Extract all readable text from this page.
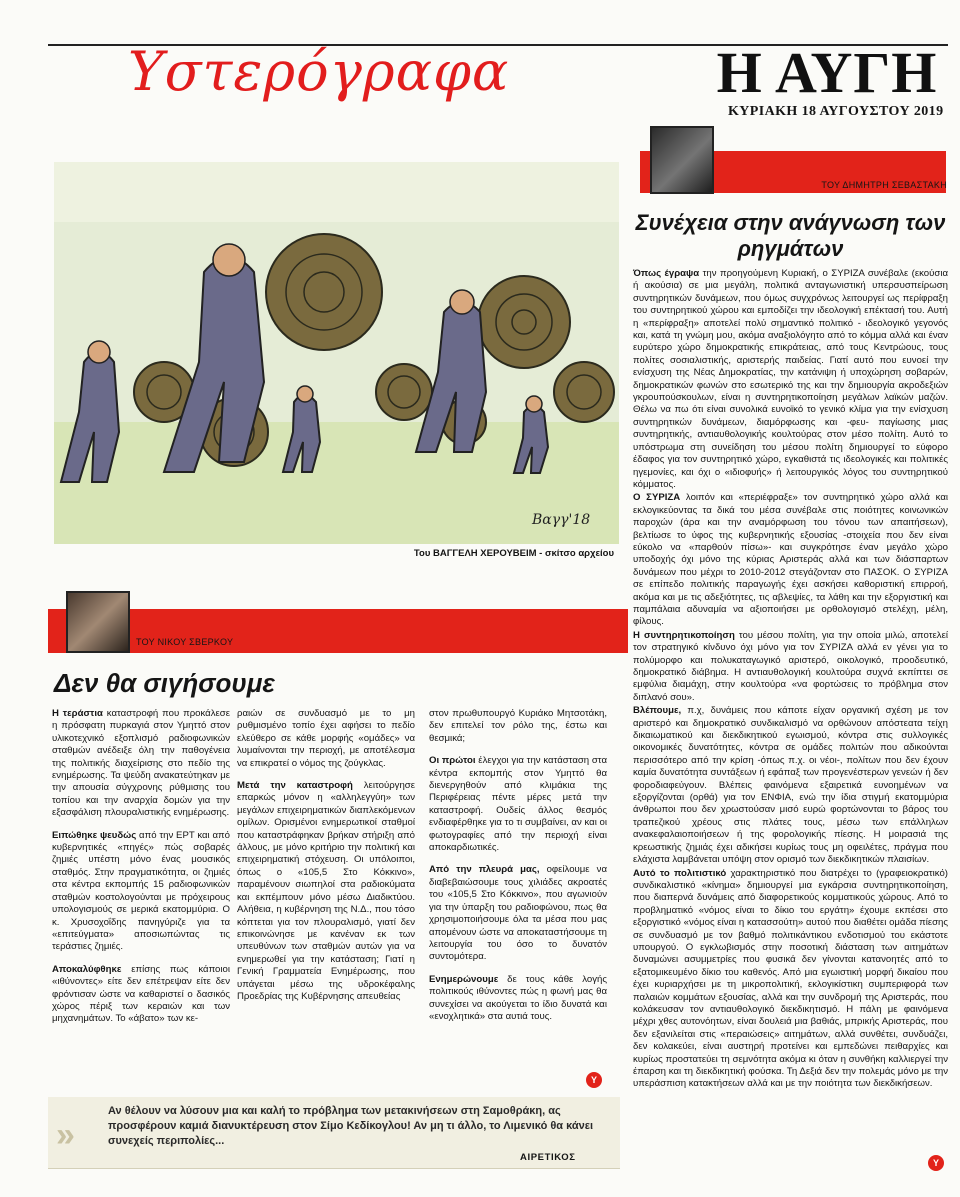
Υστερόγραφα	Η ΑΥΓΗ
ΚΥΡΙΑΚΗ 18 ΑΥΓΟΥΣΤΟΥ 2019
Βαγγ'18
Του ΒΑΓΓΕΛΗ ΧΕΡΟΥΒΕΙΜ - σκίτσο αρχείου
ΤΟΥ ΔΗΜΗΤΡΗ ΣΕΒΑΣΤΑΚΗ
Συνέχεια στην ανάγνωση των ρηγμάτων

Όπως έγραψα την προηγούμενη Κυριακή, ο ΣΥΡΙΖΑ συνέβαλε (εκούσια ή ακούσια) σε μια μεγάλη, πολιτικά ανταγωνιστική υπερσυσπείρωση συντηρητικών δυνάμεων, που όμως συγχρόνως λειτουργεί ως περίφραξη του συντηρητικού χώρου και εμποδίζει την ιδεολογική επέκτασή του. Αυτή η «περίφραξη» αποτελεί πολύ σημαντικό πολιτικό - ιδεολογικό γεγονός και, κατά τη γνώμη μου, ακόμα αναξιολόγητο από το κόμμα αλλά και έναν ευρύτερο χώρο δημοκρατικής επικράτειας, από τους Κεντρώους, τους πολίτες σοσιαλιστικής, αριστερής παιδείας. Γιατί αυτό που ευνοεί την ενίσχυση της Νέας Δημοκρατίας, την κατάνιψη ή υποχώρηση σοβαρών, δημοκρατικών φωνών στο εσωτερικό της και την δημιουργία ακροδεξιών γκρουπούσκουλων, είναι η συντηρητικοποίηση μεγάλων λαϊκών μαζών. Θέλω να πω ότι είναι συνολικά ευνοϊκό το γενικό κλίμα για την ενίσχυση συντηρητικών δυνάμεων, διαμόρφωσης και -φευ- παγίωσης μιας συντηρητικής, αντιαυθολογικής κουλτούρας στον μέσο πολίτη. Αυτό το υπόστρωμα στη συνείδηση του μέσου πολίτη δημιουργεί το εύφορο έδαφος για τον συντηρητικό χώρο, εγκαθιστά τις ιδεολογικές και πολιτικές ηγεμονίες, και όχι ο «ιδιοφυής» ή λειτουργικός λόγος του συντηρητικού κόμματος.

Ο ΣΥΡΙΖΑ λοιπόν και «περιέφραξε» τον συντηρητικό χώρο αλλά και εκλογικεύοντας τα δικά του μέσα συνέβαλε στις ποιότητες κοινωνικών παροχών (άρα και την αναμόρφωση του τόνου των απαιτήσεων), βελτίωσε το ύφος της κυβερνητικής εξουσίας -στοιχεία που δεν είναι εύκολο να «παρθούν πίσω»- και συγκρότησε έναν μεγάλο χώρο υποδοχής όχι μόνο της κύριας Αριστεράς αλλά και των διάσπαρτων δυνάμεων που μέχρι το 2010-2012 στεγάζονταν στο ΠΑΣΟΚ. Ο ΣΥΡΙΖΑ σε επίπεδο πολιτικής παραγωγής έχει ασκήσει καθοριστική επιρροή, ακόμα και με τις αδεξιότητες, τις αβλεψίες, τα λάθη και την εξοργιστική και παμπάλαια αδυναμία να αξιοποιήσει με ορθολογισμό στελέχη, μέλη, φίλους.

Η συντηρητικοποίηση του μέσου πολίτη, για την οποία μιλώ, αποτελεί τον στρατηγικό κίνδυνο όχι μόνο για τον ΣΥΡΙΖΑ αλλά εν γένει για το πολύμορφο και πολυκαταγωγικό αριστερό, οικολογικό, προοδευτικό, δημοκρατικό διάβημα. Η αντιαυθολογική κουλτούρα συχνά εκπίπτει σε εμφύλια διαμάχη, στην κουλτούρα «να φορτώσεις το πρόβλημα στον διπλανό σου».

Βλέπουμε, π.χ, δυνάμεις που κάποτε είχαν οργανική σχέση με τον αριστερό και δημοκρατικό συνδικαλισμό να ορθώνουν απόστεατα τείχη δικαιωματικού και διεκδικητικού εγωισμού, κόντρα στις συλλογικές οικονομικές δυνατότητες, κόντρα σε ομάδες πολιτών που αδικούνται περισσότερο από την κρίση -όπως π.χ. οι νέοι-, πολίτων που δεν έχουν καμία δυνατότητα συντάξεων ή εφάπαξ των προγενέστερων γενεών ή δεν φοροδιαφεύγουν. Βλέπεις φαινόμενα εξαιρετικά ευνοημένων να εξοργίζονται (ορθά) για τον ΕΝΦΙΑ, ενώ την ίδια στιγμή εκατομμύρια άνθρωποι που δεν χρωστούσαν μισό ευρώ φορτώνονται το βάρος του τραπεζικού χρέους στις πλάτες τους, μέσω των επάλληλων ανακεφαλαιοποιήσεων ή της φορολογικής πίεσης. Η μοιρασιά της κρεωστικής ζημιάς έχει αδικήσει κυρίως τους μη οφειλέτες, πράγμα που ελάχιστα λαμβάνεται υπόψη στον ορισμό των διεκδικητικών πλαισίων.

Αυτό το πολιτιστικό χαρακτηριστικό που διατρέχει το (γραφειοκρατικό) συνδικαλιστικό «κίνημα» δημιουργεί μια εγκάρσια συντηρητικοποίηση, που διαπερνά δυνάμεις από διαφορετικούς κομματικούς χώρους. Από το προβληματικό «νόμος είναι το δίκιο του εργάτη» έχουμε εκπέσει στο εξοργιστικό «νόμος είναι η κατασσούτη» αυτού που διαθέτει ομάδα πίεσης σε συνδυασμό με τον βαθμό πολιτικάντικου ενδοτισμού του εκάστοτε υπουργού. Ο εγκλωβισμός στην ποσοτική διάσταση των αιτημάτων δυναμώνει ασυμμετρίες που φυσικά δεν γίνονται κατανοητές από το εξατομικευμένο δίκιο του καθενός. Από μια εγωιστική μορφή δικαίου που έχει κυριαρχήσει με τη μικροπολιτική, εκλογικίστικη συμπεριφορά των παλαιών κομμάτων εξουσίας, αλλά και την συνδρομή της Αριστεράς, που κολάκευσαν τον αντιαυθολογικό διεκδικητισμό. Η πάλη με φαινόμενα μέχρι χθες αυτονόητων, είναι δουλειά μια βαθιάς, μπρικής Αριστεράς, που δεν εξανιλείται στις «περαιώσεις» αιτημάτων, αλλά συνθέτει, συνδυάζει, δεν κολακεύει, είναι αυστηρή προτείνει και εμπεδώνει πειθαρχίες και κυρίως προστατεύει τη σεμνότητα ακόμα κι όταν η συνθήκη καλλιεργεί την έπαρση και τη διεκδικητική φούσκα. Τη Δεξιά δεν την πολεμάς μόνο με την υπεράσπιση κατακτήσεων αλλά και με την ποιότητα των διεκδικήσεων.

Y
ΤΟΥ ΝΙΚΟΥ ΣΒΕΡΚΟΥ
Δεν θα σιγήσουμε

Η τεράστια καταστροφή που προκάλεσε η πρόσφατη πυρκαγιά στον Υμηττό στον υλικοτεχνικό εξοπλισμό ραδιοφωνικών σταθμών ανέδειξε όλη την παθογένεια της πολιτικής διαχείρισης στο πεδίο της ενημέρωσης. Τα ψεύδη ανακατεύτηκαν με την απουσία σύγχρονης ρύθμισης του τοπίου και την αναρχία δομών για την εξασφάλιση πλουραλιστικής ενημέρωσης.

Ειπώθηκε ψευδώς από την ΕΡΤ και από κυβερνητικές «πηγές» πώς σοβαρές ζημιές υπέστη μόνο ένας μουσικός σταθμός. Στην πραγματικότητα, οι ζημιές στα κέντρα εκπομπής 15 ραδιοφωνικών σταθμών κοστολογούνται με πρόχειρους υπολογισμούς σε μερικά εκατομμύρια. Ο κ. Χρυσοχοΐδης πανηγύριζε για τα «επιτεύγματα» αποσιωπώντας τις τεράστιες ζημιές.

Αποκαλύφθηκε επίσης πως κάποιοι «ιθύνοντες» είτε δεν επέτρεψαν είτε δεν φρόντισαν ώστε να καθαριστεί ο δασικός χώρος πέριξ των κεραιών και των μηχανημάτων. Το «άβατο» των κε-

ραιών σε συνδυασμό με το μη ρυθμισμένο τοπίο έχει αφήσει το πεδίο ελεύθερο σε κάθε μορφής «ομάδες» να λυμαίνονται την περιοχή, με αποτέλεσμα να επικρατεί ο νόμος της ζούγκλας.

Μετά την καταστροφή λειτούργησε επαρκώς μόνον η «αλληλεγγύη» των μεγάλων επιχειρηματικών διαπλεκόμενων ομίλων. Ορισμένοι ενημερωτικοί σταθμοί που καταστράφηκαν βρήκαν στήριξη από άλλους, με μόνο κριτήριο την πολιτική και επιχειρηματική στόχευση. Οι υπόλοιποι, όπως ο «105,5 Στο Κόκκινο», παραμένουν σιωπηλοί στα ραδιοκύματα και εκπέμπουν μόνο μέσω Διαδικτύου. Αλήθεια, η κυβέρνηση της Ν.Δ., που τόσο κόπτεται για τον πλουραλισμό, γιατί δεν επικοινώνησε με κανέναν εκ των υπευθύνων των σταθμών αυτών για να ενημερωθεί για την κατάσταση; Γιατί η Γενική Γραμματεία Ενημέρωσης, που υπάγεται μέσω της υδροκέφαλης Προεδρίας της Κυβέρνησης απευθείας

στον πρωθυπουργό Κυριάκο Μητσοτάκη, δεν επιτελεί τον ρόλο της, έστω και θεσμικά;

Οι πρώτοι έλεγχοι για την κατάσταση στα κέντρα εκπομπής στον Υμηττό θα διενεργηθούν από κλιμάκια της Περιφέρειας πέντε μέρες μετά την καταστροφή. Ουδείς άλλος θεσμός ενδιαφέρθηκε για το τι συμβαίνει, αν και οι φωτογραφίες από την περιοχή είναι αποκαρδιωτικές.

Από την πλευρά μας, οφείλουμε να διαβεβαιώσουμε τους χιλιάδες ακροατές του «105,5 Στο Κόκκινο», που αγωνιούν για την ύπαρξη του ραδιοφώνου, πως θα χρησιμοποιήσουμε όλα τα μέσα που μας απομένουν ώστε να αποκαταστήσουμε τη λειτουργία του όσο το δυνατόν συντομότερα.

Ενημερώνουμε δε τους κάθε λογής πολιτικούς ιθύνοντες πώς η φωνή μας θα συνεχίσει να ακούγεται το ίδιο δυνατά και «ενοχλητικά» στα αυτιά τους.

Y
»
Αν θέλουν να λύσουν μια και καλή το πρόβλημα των μετακινήσεων στη Σαμοθράκη, ας προσφέρουν καμιά διανυκτέρευση στον Σίμο Κεδίκογλου! Αν μη τι άλλο, το Λιμενικό θα κάνει συνεχείς περιπολίες...
ΑΙΡΕΤΙΚΟΣ
